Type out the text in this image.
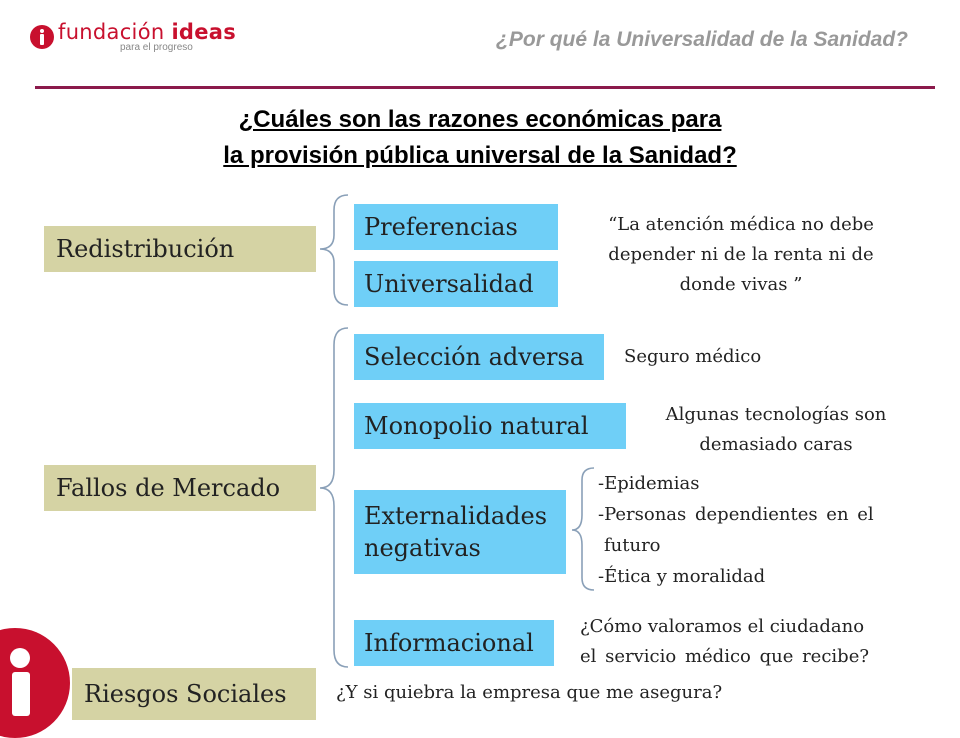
fundación ideas
para el progreso	¿Por qué la Universalidad de la Sanidad?
¿Cuáles son las razones económicas para
la provisión pública universal de la Sanidad?
Redistribución
Fallos de Mercado
Riesgos Sociales
Preferencias
Universalidad
Selección adversa
Monopolio natural
Externalidades
negativas
Informacional
“La atención médica no debe
depender ni de la renta ni de
donde vivas ”
Seguro médico
Algunas tecnologías son
demasiado caras
-Epidemias
-Personas dependientes en el
futuro
-Ética y moralidad
¿Cómo valoramos el ciudadano
el servicio médico que recibe?
¿Y si quiebra la empresa que me asegura?
